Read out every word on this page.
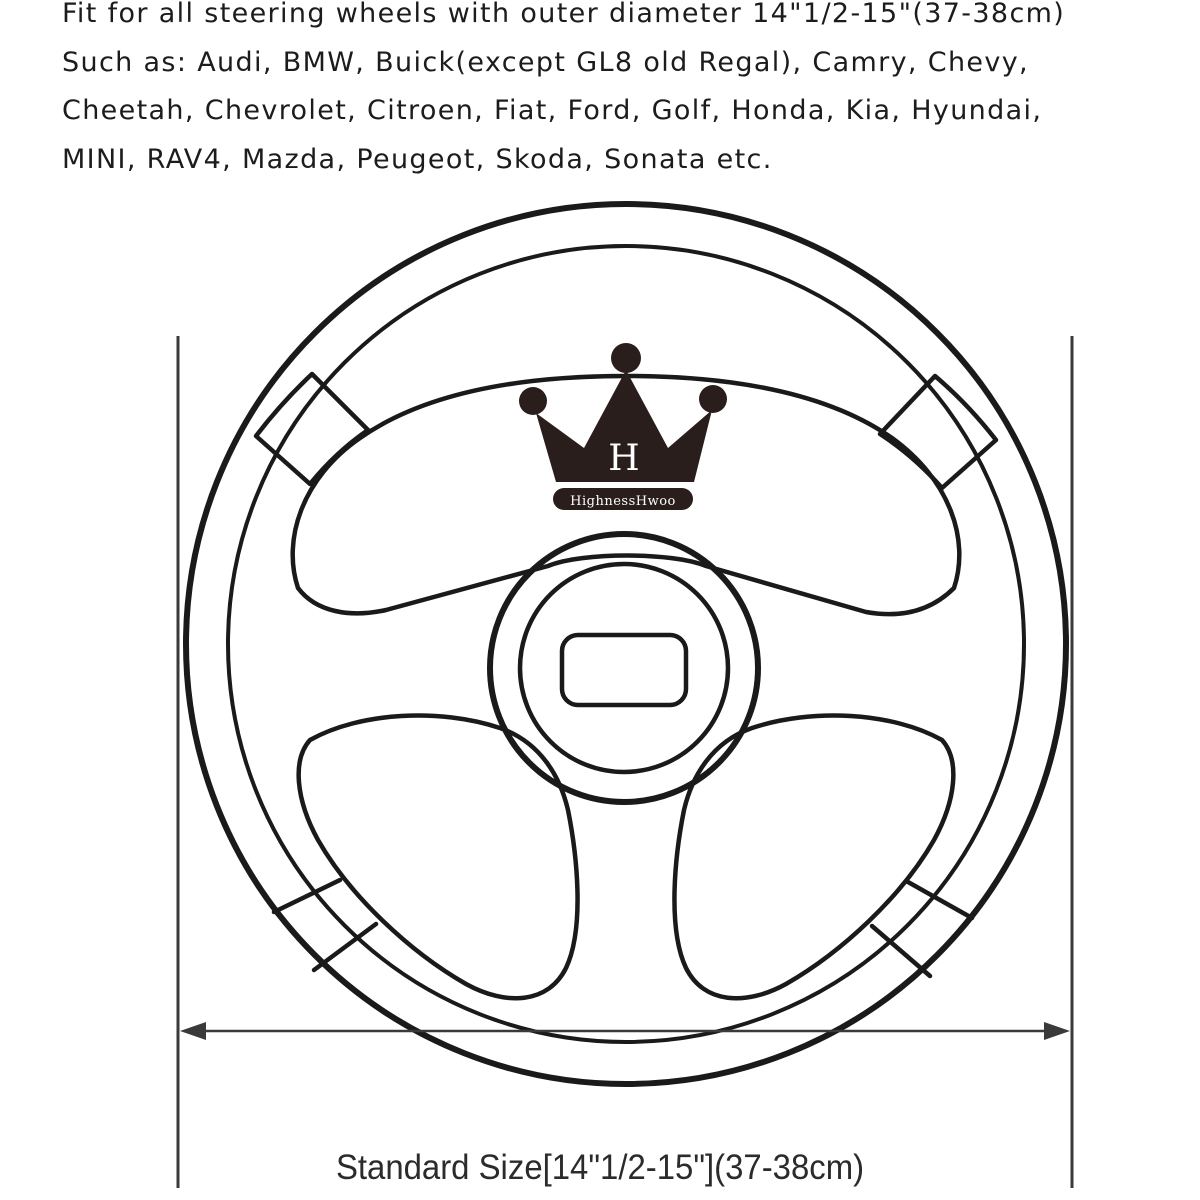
Fit for all steering wheels with outer diameter 14"1/2-15"(37-38cm)
Such as: Audi, BMW, Buick(except GL8 old Regal), Camry, Chevy,
Cheetah, Chevrolet, Citroen, Fiat, Ford, Golf, Honda, Kia, Hyundai,
MINI, RAV4, Mazda, Peugeot, Skoda, Sonata etc.
H
HighnessHwoo
Standard Size[14"1/2-15"](37-38cm)
